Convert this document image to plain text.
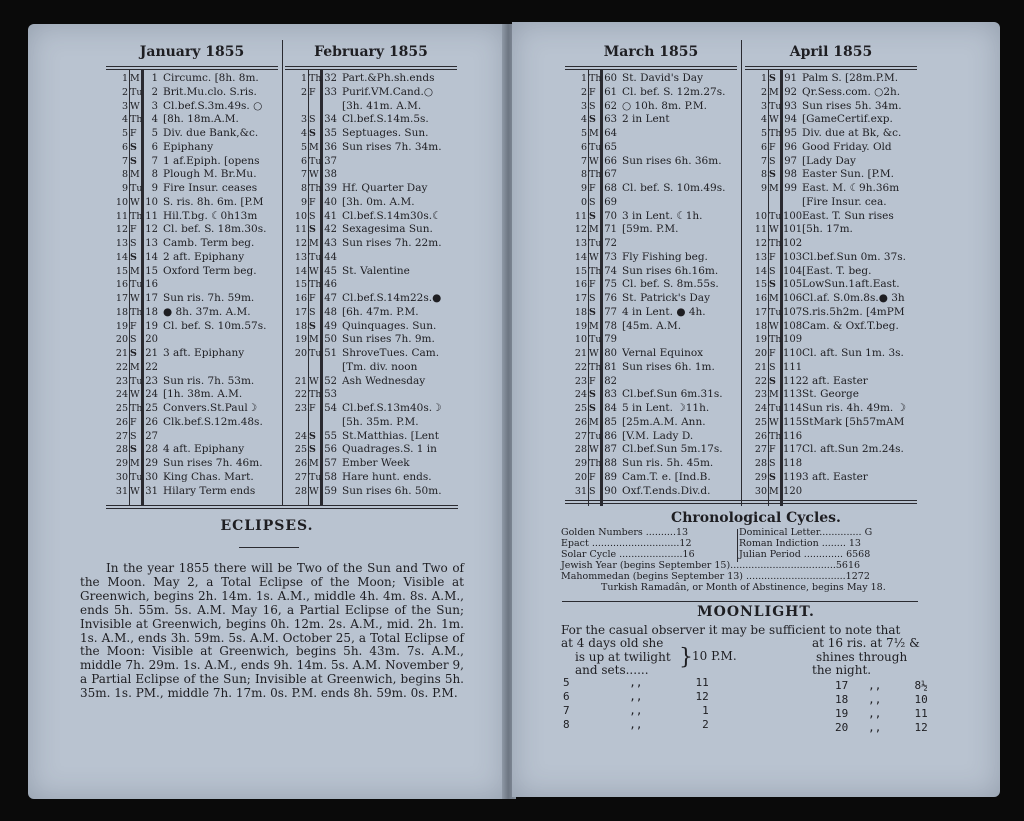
January 1855
1 M	1 Circumc. [8h. 8m.
2 Tu 2 Brit.Mu.clo. S.ris.
3 W	3 Cl.bef.S.3m.49s. ○
4 Th 4 [8h. 18m.A.M.
5 F	5 Div. due Bank,&c.
6 S	6 Epiphany
7 S	7 1 af.Epiph. [opens
8 M	8 Plough M. Br.Mu.
9 Tu 9 Fire Insur. ceases
10 W 10 S. ris. 8h. 6m. [P.M
11 Th 11 Hil.T.bg. ☾0h13m
12 F 12 Cl. bef. S. 18m.30s.
13 S 13 Camb. Term beg.
14 S 14 2 aft. Epiphany
15 M 15 Oxford Term beg.
16 Tu 16
17 W 17 Sun ris. 7h. 59m.
18 Th 18 ● 8h. 37m. A.M.
19 F 19 Cl. bef. S. 10m.57s.
20 S 20
21 S 21 3 aft. Epiphany
22 M 22
23 Tu 23 Sun ris. 7h. 53m.
24 W 24 [1h. 38m. A.M.
25 Th 25 Convers.St.Paul☽
26 F 26 Clk.bef.S.12m.48s.
27 S 27
28 S 28 4 aft. Epiphany
29 M 29 Sun rises 7h. 46m.
30 Tu 30 King Chas. Mart.
31 W 31 Hilary Term ends
February 1855
1 Th 32 Part.&Ph.sh.ends
2 F 33 Purif.VM.Cand.○
[3h. 41m. A.M.
3 S 34 Cl.bef.S.14m.5s.
4 S 35 Septuages. Sun.
5 M 36 Sun rises 7h. 34m.
6 Tu 37
7 W 38
8 Th 39 Hf. Quarter Day
9 F 40 [3h. 0m. A.M.
10 S 41 Cl.bef.S.14m30s.☾
11 S 42 Sexagesima Sun.
12 M 43 Sun rises 7h. 22m.
13 Tu 44
14 W 45 St. Valentine
15 Th 46
16 F 47 Cl.bef.S.14m22s.●
17 S 48 [6h. 47m. P.M.
18 S 49 Quinquages. Sun.
19 M 50 Sun rises 7h. 9m.
20 Tu 51 ShroveTues. Cam.
[Tm. div. noon
21 W 52 Ash Wednesday
22 Th 53
23 F 54 Cl.bef.S.13m40s.☽
[5h. 35m. P.M.
24 S 55 St.Matthias. [Lent
25 S 56 Quadrages.S. 1 in
26 M 57 Ember Week
27 Tu 58 Hare hunt. ends.
28 W 59 Sun rises 6h. 50m.
March 1855
1 Th 60 St. David's Day
2 F 61 Cl. bef. S. 12m.27s.
3 S 62 ○ 10h. 8m. P.M.
4 S 63 2 in Lent
5 M 64
6 Tu 65
7 W 66 Sun rises 6h. 36m.
8 Th 67
9 F 68 Cl. bef. S. 10m.49s.
0 S 69
11 S 70 3 in Lent. ☾1h.
12 M 71 [59m. P.M.
13 Tu 72
14 W 73 Fly Fishing beg.
15 Th 74 Sun rises 6h.16m.
16 F 75 Cl. bef. S. 8m.55s.
17 S 76 St. Patrick's Day
18 S 77 4 in Lent. ● 4h.
19 M 78 [45m. A.M.
10 Tu 79
21 W 80 Vernal Equinox
22 Th 81 Sun rises 6h. 1m.
23 F 82
24 S 83 Cl.bef.Sun 6m.31s.
25 S 84 5 in Lent. ☽11h.
26 M 85 [25m.A.M. Ann.
27 Tu 86 [V.M. Lady D.
28 W 87 Cl.bef.Sun 5m.17s.
29 Th 88 Sun ris. 5h. 45m.
20 F 89 Cam.T. e. [Ind.B.
31 S 90 Oxf.T.ends.Div.d.
April 1855
1 S 91 Palm S. [28m.P.M.
2 M 92 Qr.Sess.com. ○2h.
3 Tu 93 Sun rises 5h. 34m.
4 W 94 [GameCertif.exp.
5 Th 95 Div. due at Bk, &c.
6 F 96 Good Friday. Old
7 S 97 [Lady Day
8 S 98 Easter Sun. [P.M.
9 M 99 East. M. ☾9h.36m
[Fire Insur. cea.
10 Tu 100 East. T. Sun rises
11 W 101 [5h. 17m.
12 Th 102
13 F 103 Cl.bef.Sun 0m. 37s.
14 S 104 [East. T. beg.
15 S 105 LowSun.1aft.East.
16 M 106 Cl.af. S.0m.8s.● 3h
17 Tu 107 S.ris.5h2m. [4mPM
18 W 108 Cam. & Oxf.T.beg.
19 Th 109
20 F 110 Cl. aft. Sun 1m. 3s.
21 S 111
22 S 112 2 aft. Easter
23 M 113 St. George
24 Tu 114 Sun ris. 4h. 49m. ☽
25 W 115 StMark [5h57mAM
26 Th 116
27 F 117 Cl. aft.Sun 2m.24s.
28 S 118
29 S 119 3 aft. Easter
30 M 120
ECLIPSES.

In the year 1855 there will be Two of the Sun and Two of the Moon. May 2, a Total Eclipse of the Moon; Visible at Greenwich, begins 2h. 14m. 1s. A.M., middle 4h. 4m. 8s. A.M., ends 5h. 55m. 5s. A.M. May 16, a Partial Eclipse of the Sun; Invisible at Greenwich, begins 0h. 12m. 2s. A.M., mid. 2h. 1m. 1s. A.M., ends 3h. 59m. 5s. A.M. October 25, a Total Eclipse of the Moon: Visible at Greenwich, begins 5h. 43m. 7s. A.M., middle 7h. 29m. 1s. A.M., ends 9h. 14m. 5s. A.M. November 9, a Partial Eclipse of the Sun; Invisible at Greenwich, begins 5h. 35m. 1s. PM., middle 7h. 17m. 0s. P.M. ends 8h. 59m. 0s. P.M.

Chronological Cycles.
Golden Numbers ..........13	Dominical Letter.............. G
Epact .............................12	Roman Indiction ........ 13
Solar Cycle .....................16	Julian Period ............. 6568
Jewish Year (begins September 15)...................................5616
Mahommedan (begins September 13) .................................1272
Turkish Ramadân, or Month of Abstinence, begins May 18.
MOONLIGHT.
For the casual observer it may be sufficient to note that
at 4 days old she
is up at twilight
and sets......	} 10 P.M.
at 16 ris. at 7½ &
shines through
the night.
5         ,,        11
6         ,,        12
7         ,,         1
8         ,,         2
17   ,,     8½
18   ,,     10
19   ,,     11
20   ,,     12
